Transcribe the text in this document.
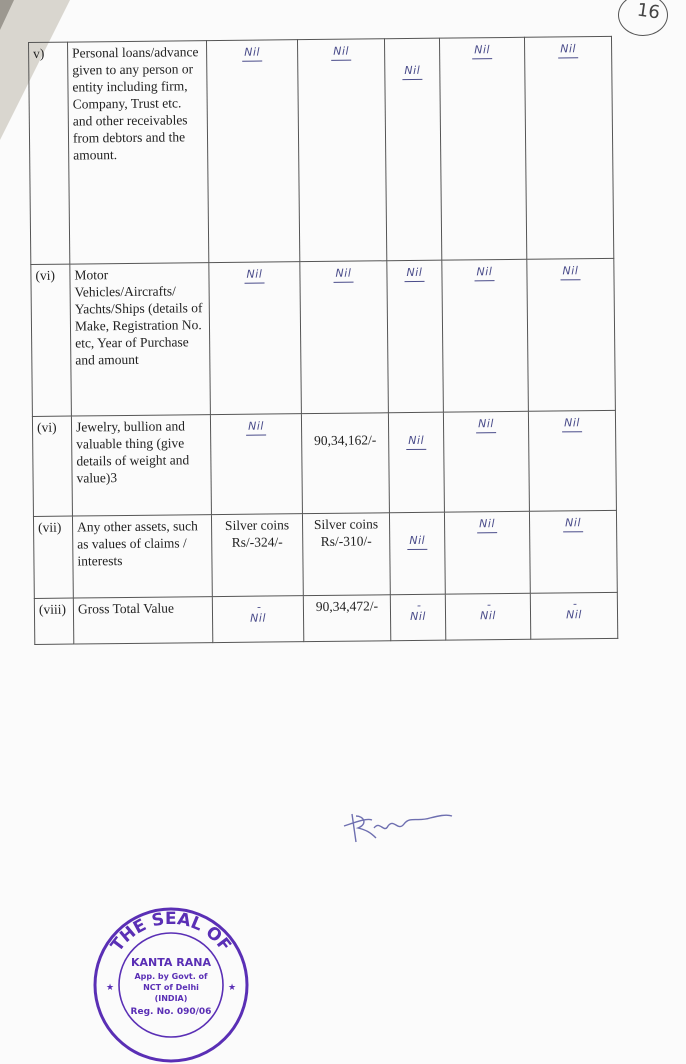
16
v)	Personal loans/advance given to any person or entity including firm, Company, Trust etc. and other receivables from debtors and the amount.	Nil	Nil	Nil	Nil	Nil
(vi)	Motor Vehicles/Aircrafts/ Yachts/Ships (details of Make, Registration No. etc, Year of Purchase and amount	Nil	Nil	Nil	Nil	Nil
(vi)	Jewelry, bullion and valuable thing (give details of weight and value)3	Nil	90,34,162/-	Nil	Nil	Nil
(vii)	Any other assets, such as values of claims / interests	Silver coins Rs/-324/-	Silver coins Rs/-310/-	Nil	Nil	Nil
(viii)	Gross Total Value	- Nil	90,34,472/-	- Nil	- Nil	- Nil
THE SEAL OF
KANTA RANA
App. by Govt. of
NCT of Delhi
(INDIA)
Reg. No. 090/06
★	★
